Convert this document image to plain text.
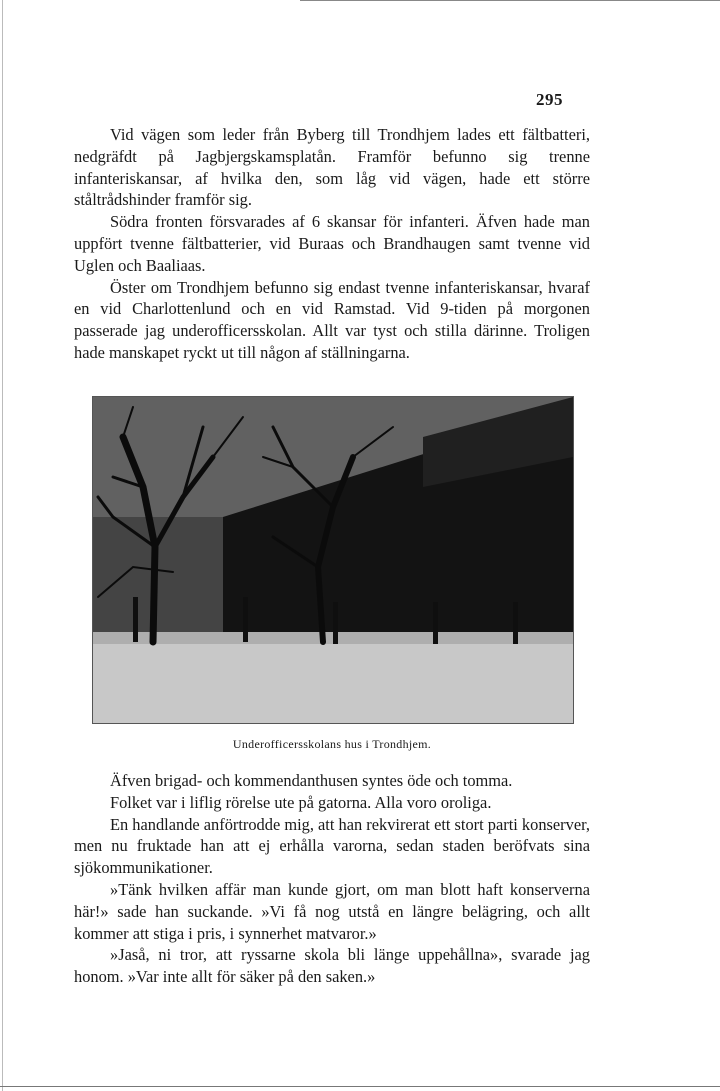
295

Vid vägen som leder från Byberg till Trondhjem lades ett fältbatteri, nedgräfdt på Jagbjergskamsplatån. Framför befunno sig trenne infanteriskansar, af hvilka den, som låg vid vägen, hade ett större ståltrådshinder framför sig.

Södra fronten försvarades af 6 skansar för infanteri. Äfven hade man uppfört tvenne fältbatterier, vid Buraas och Brandhaugen samt tvenne vid Uglen och Baaliaas.

Öster om Trondhjem befunno sig endast tvenne infanteriskansar, hvaraf en vid Charlottenlund och en vid Ramstad. Vid 9-tiden på morgonen passerade jag underofficersskolan. Allt var tyst och stilla därinne. Troligen hade manskapet ryckt ut till någon af ställningarna.

Underofficersskolans hus i Trondhjem.

Äfven brigad- och kommendanthusen syntes öde och tomma.

Folket var i liflig rörelse ute på gatorna. Alla voro oroliga.

En handlande anförtrodde mig, att han rekvirerat ett stort parti konserver, men nu fruktade han att ej erhålla varorna, sedan staden beröfvats sina sjökommunikationer.

»Tänk hvilken affär man kunde gjort, om man blott haft konserverna här!» sade han suckande. »Vi få nog utstå en längre belägring, och allt kommer att stiga i pris, i synnerhet matvaror.»

»Jaså, ni tror, att ryssarne skola bli länge uppehållna», svarade jag honom. »Var inte allt för säker på den saken.»
